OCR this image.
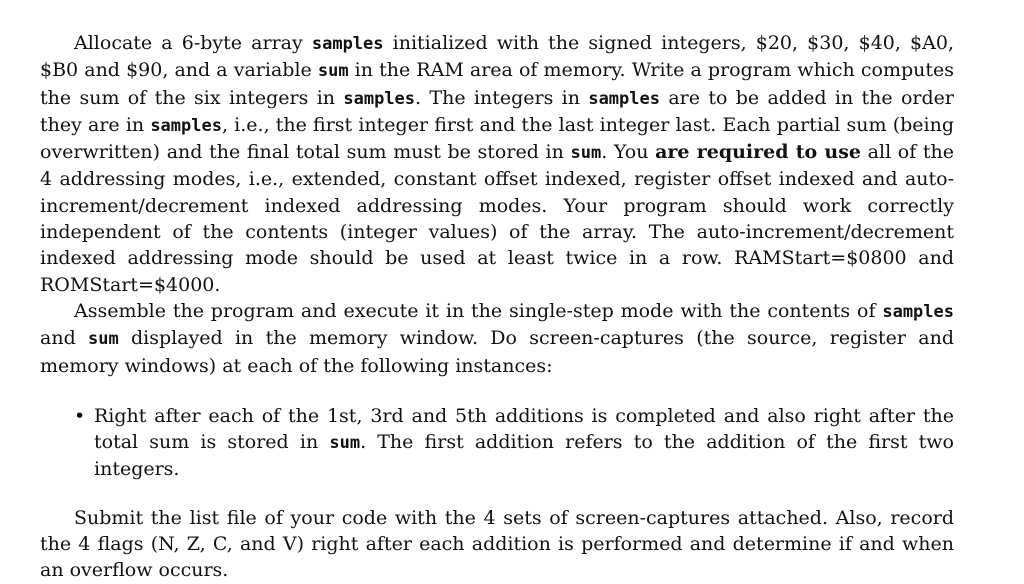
Allocate a 6-byte array samples initialized with the signed integers, $20, $30, $40, $A0, $B0 and $90, and a variable sum in the RAM area of memory. Write a program which computes the sum of the six integers in samples. The integers in samples are to be added in the order they are in samples, i.e., the first integer first and the last integer last. Each partial sum (being overwritten) and the final total sum must be stored in sum. You are required to use all of the 4 addressing modes, i.e., extended, constant offset indexed, register offset indexed and auto-increment/decrement indexed addressing modes. Your program should work correctly independent of the contents (integer values) of the array. The auto-increment/decrement indexed addressing mode should be used at least twice in a row. RAMStart=$0800 and ROMStart=$4000.

Assemble the program and execute it in the single-step mode with the contents of samples and sum displayed in the memory window. Do screen-captures (the source, register and memory windows) at each of the following instances:

• Right after each of the 1st, 3rd and 5th additions is completed and also right after the total sum is stored in sum. The first addition refers to the addition of the first two integers.

Submit the list file of your code with the 4 sets of screen-captures attached. Also, record the 4 flags (N, Z, C, and V) right after each addition is performed and determine if and when an overflow occurs.
